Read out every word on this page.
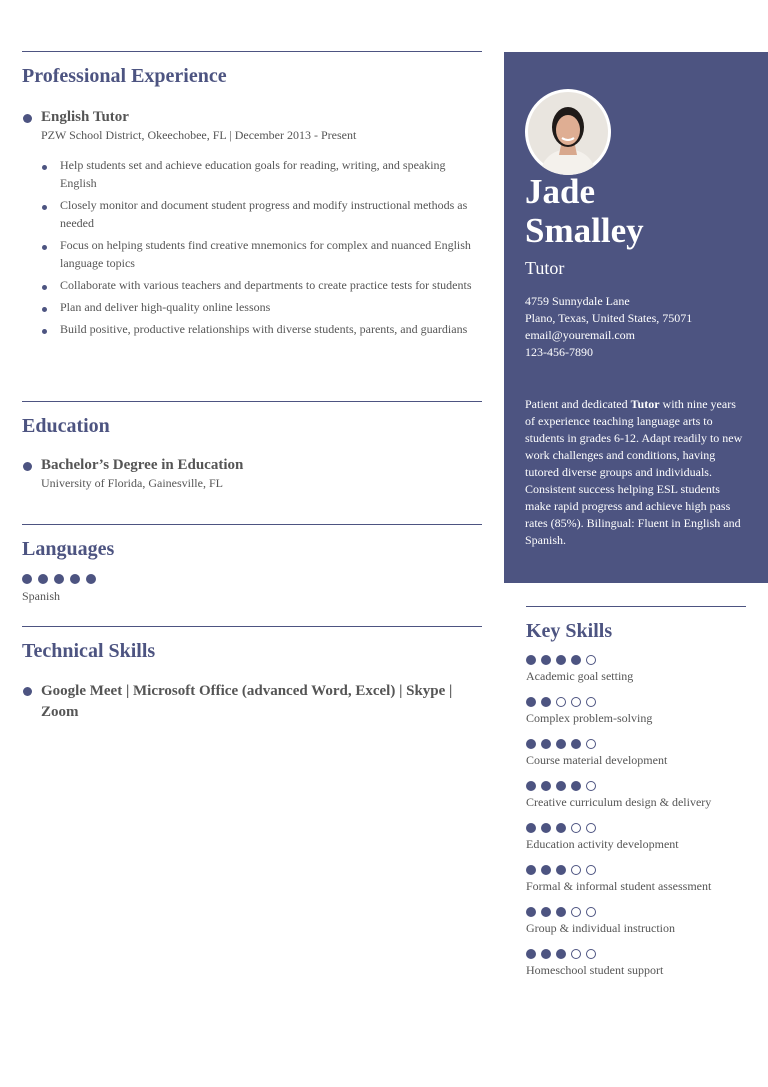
Professional Experience
English Tutor
PZW School District, Okeechobee, FL | December 2013 - Present
Help students set and achieve education goals for reading, writing, and speaking English
Closely monitor and document student progress and modify instructional methods as needed
Focus on helping students find creative mnemonics for complex and nuanced English language topics
Collaborate with various teachers and departments to create practice tests for students
Plan and deliver high-quality online lessons
Build positive, productive relationships with diverse students, parents, and guardians
Education
Bachelor’s Degree in Education
University of Florida, Gainesville, FL
Languages
Spanish
Technical Skills
Google Meet | Microsoft Office (advanced Word, Excel) | Skype | Zoom
Jade
Smalley
Tutor
4759 Sunnydale Lane
Plano, Texas, United States, 75071
email@youremail.com
123-456-7890
Patient and dedicated Tutor with nine years of experience teaching language arts to students in grades 6-12. Adapt readily to new work challenges and conditions, having tutored diverse groups and individuals. Consistent success helping ESL students make rapid progress and achieve high pass rates (85%). Bilingual: Fluent in English and Spanish.
Key Skills
Academic goal setting
Complex problem-solving
Course material development
Creative curriculum design & delivery
Education activity development
Formal & informal student assessment
Group & individual instruction
Homeschool student support
